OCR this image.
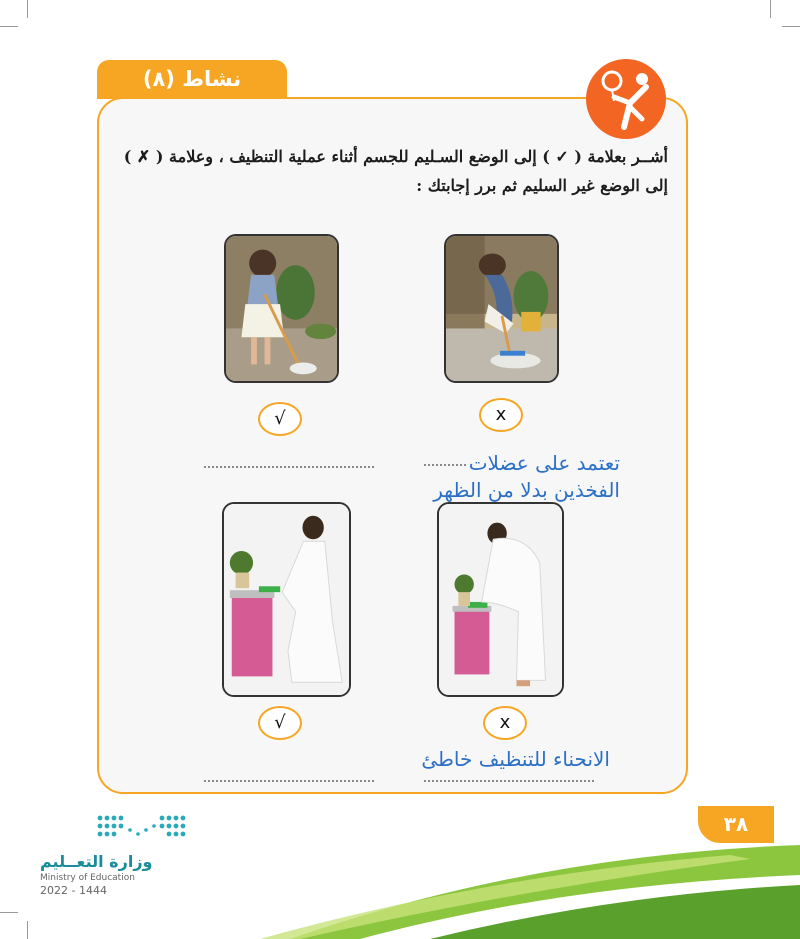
نشاط (٨)
أشــر بعلامة ( ✓ ) إلى الوضع السـليم للجسم أثناء عملية التنظيف ، وعلامة ( ✗ )
إلى الوضع غير السليم ثم برر إجابتك :
x
√
تعتمد على عضلات
الفخذين بدلا من الظهر
x
√
الانحناء للتنظيف خاطئ
٣٨
وزارة التعــليم
Ministry of Education
2022 - 1444
